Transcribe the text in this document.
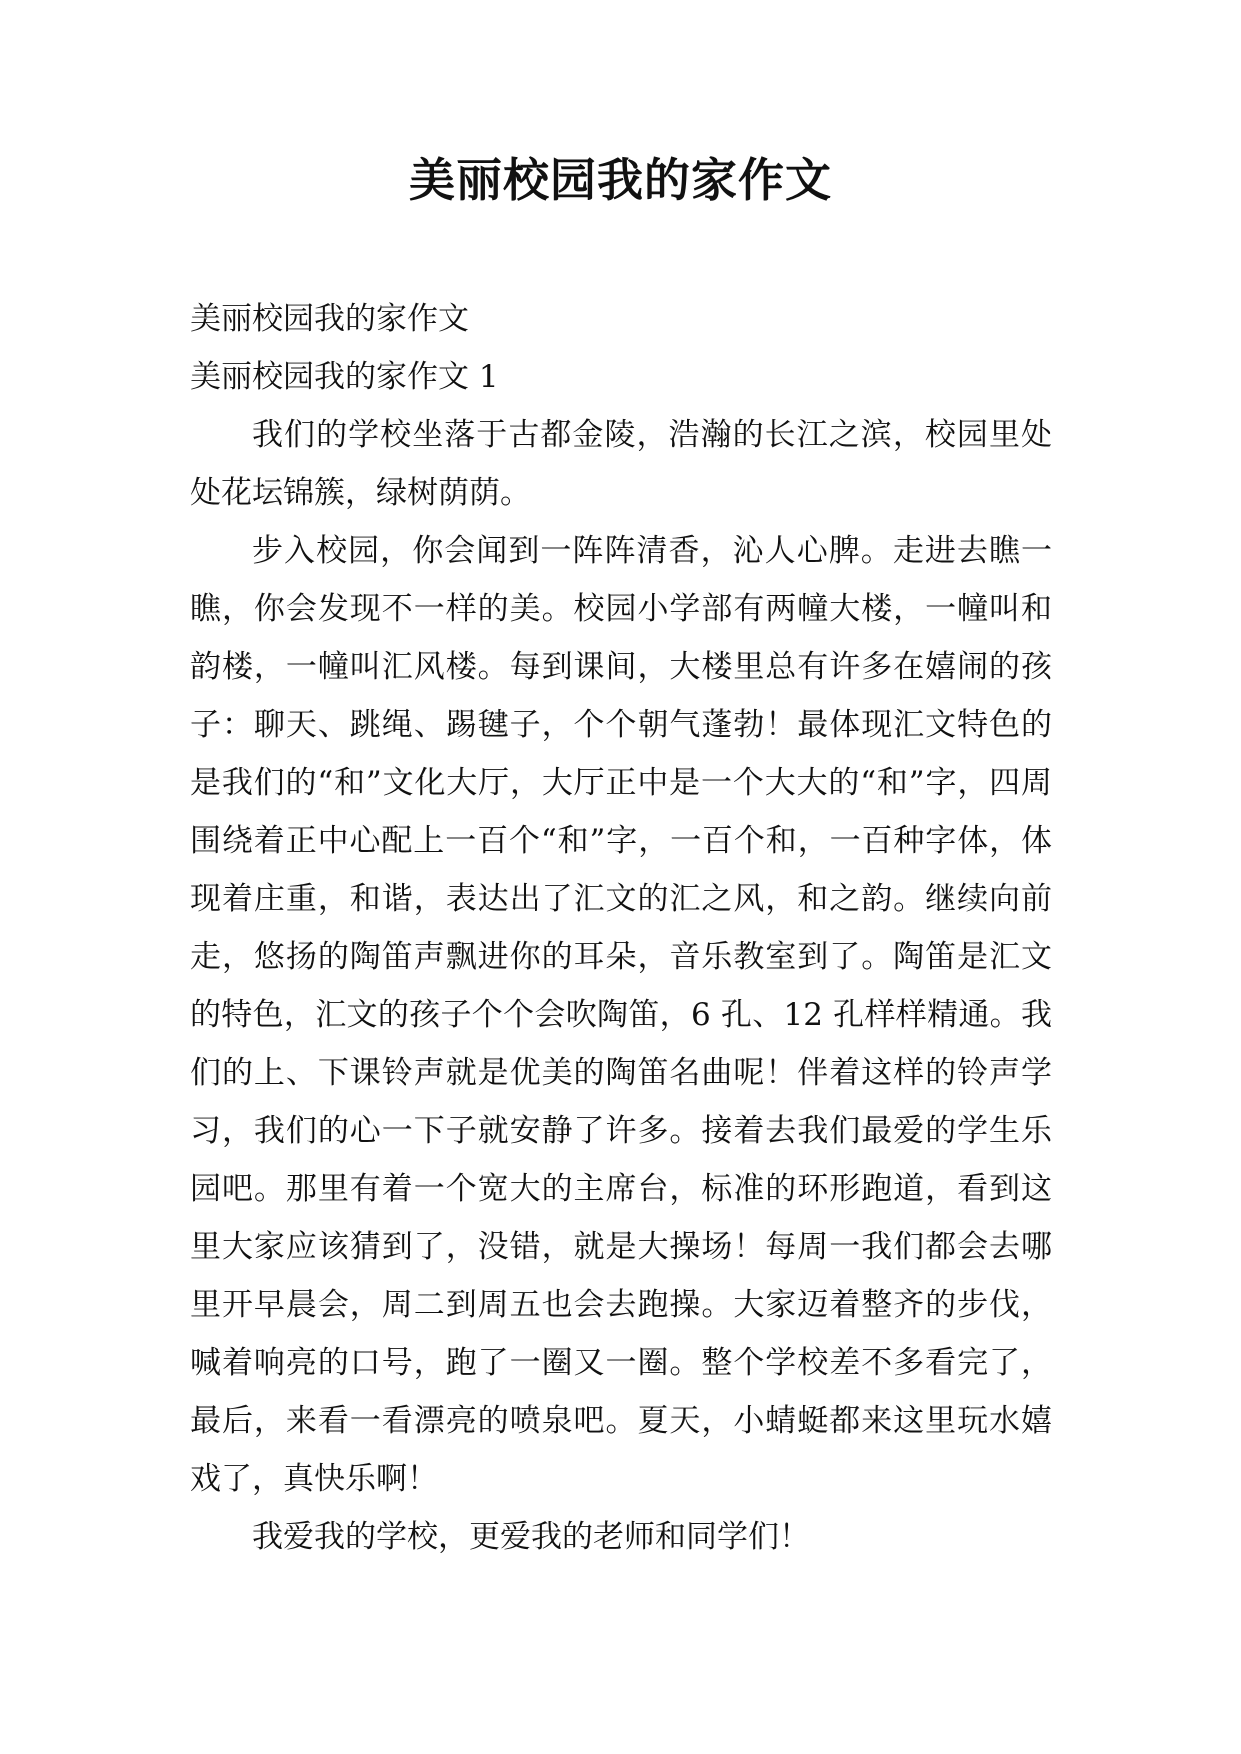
美丽校园我的家作文

美丽校园我的家作文

美丽校园我的家作文 1

我们的学校坐落于古都金陵，浩瀚的长江之滨，校园里处处花坛锦簇，绿树荫荫。

步入校园，你会闻到一阵阵清香，沁人心脾。走进去瞧一瞧，你会发现不一样的美。校园小学部有两幢大楼，一幢叫和韵楼，一幢叫汇风楼。每到课间，大楼里总有许多在嬉闹的孩子：聊天、跳绳、踢毽子，个个朝气蓬勃！最体现汇文特色的是我们的“和”文化大厅，大厅正中是一个大大的“和”字，四周围绕着正中心配上一百个“和”字，一百个和，一百种字体，体现着庄重，和谐，表达出了汇文的汇之风，和之韵。继续向前走，悠扬的陶笛声飘进你的耳朵，音乐教室到了。陶笛是汇文的特色，汇文的孩子个个会吹陶笛，6 孔、12 孔样样精通。我们的上、下课铃声就是优美的陶笛名曲呢！伴着这样的铃声学习，我们的心一下子就安静了许多。接着去我们最爱的学生乐园吧。那里有着一个宽大的主席台，标准的环形跑道，看到这里大家应该猜到了，没错，就是大操场！每周一我们都会去哪里开早晨会，周二到周五也会去跑操。大家迈着整齐的步伐，喊着响亮的口号，跑了一圈又一圈。整个学校差不多看完了，最后，来看一看漂亮的喷泉吧。夏天，小蜻蜓都来这里玩水嬉戏了，真快乐啊！

我爱我的学校，更爱我的老师和同学们！
